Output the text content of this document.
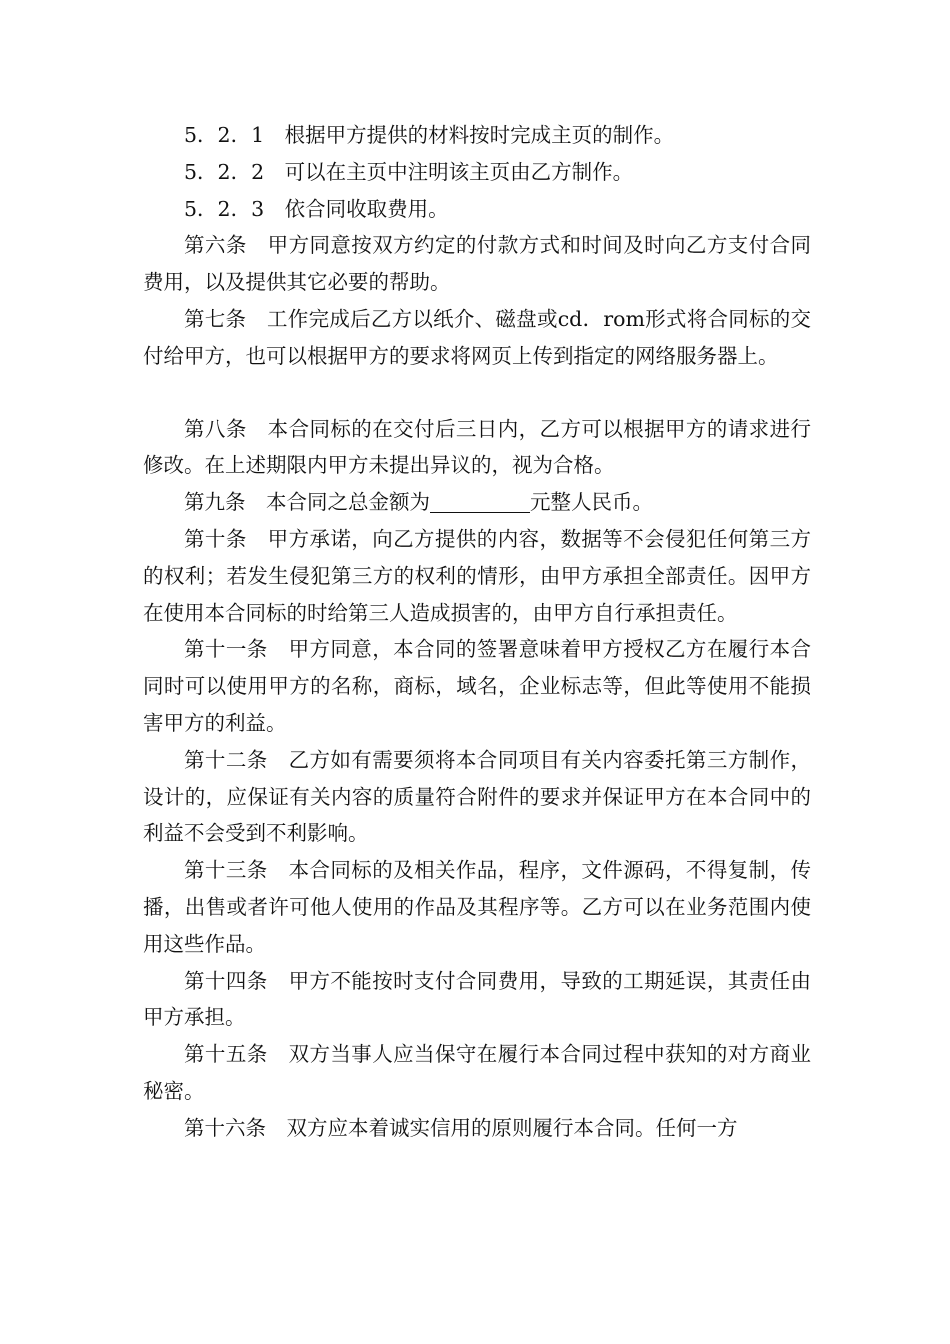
5．2．1　根据甲方提供的材料按时完成主页的制作。

5．2．2　可以在主页中注明该主页由乙方制作。

5．2．3　依合同收取费用。

第六条　甲方同意按双方约定的付款方式和时间及时向乙方支付合同费用，以及提供其它必要的帮助。

第七条　工作完成后乙方以纸介、磁盘或cd．rom形式将合同标的交付给甲方，也可以根据甲方的要求将网页上传到指定的网络服务器上。

第八条　本合同标的在交付后三日内，乙方可以根据甲方的请求进行修改。在上述期限内甲方未提出异议的，视为合格。

第九条　本合同之总金额为	元整人民币。

第十条　甲方承诺，向乙方提供的内容，数据等不会侵犯任何第三方的权利；若发生侵犯第三方的权利的情形，由甲方承担全部责任。因甲方在使用本合同标的时给第三人造成损害的，由甲方自行承担责任。

第十一条　甲方同意，本合同的签署意味着甲方授权乙方在履行本合同时可以使用甲方的名称，商标，域名，企业标志等，但此等使用不能损害甲方的利益。

第十二条　乙方如有需要须将本合同项目有关内容委托第三方制作，设计的，应保证有关内容的质量符合附件的要求并保证甲方在本合同中的利益不会受到不利影响。

第十三条　本合同标的及相关作品，程序，文件源码，不得复制，传播，出售或者许可他人使用的作品及其程序等。乙方可以在业务范围内使用这些作品。

第十四条　甲方不能按时支付合同费用，导致的工期延误，其责任由甲方承担。

第十五条　双方当事人应当保守在履行本合同过程中获知的对方商业秘密。

第十六条　双方应本着诚实信用的原则履行本合同。任何一方
